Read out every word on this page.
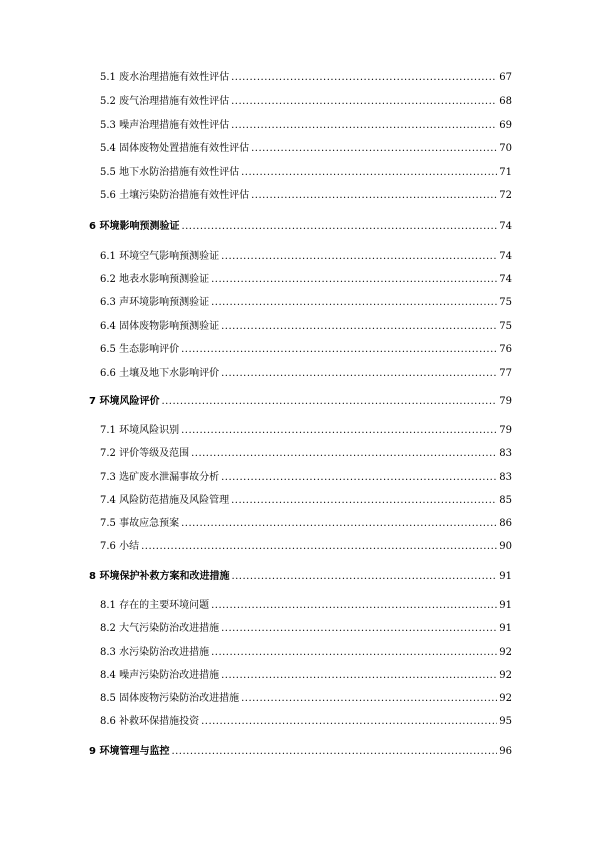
5.1 废水治理措施有效性评估 .....	67
5.2 废气治理措施有效性评估 .....	68
5.3 噪声治理措施有效性评估 .....	69
5.4 固体废物处置措施有效性评估 .....	70
5.5 地下水防治措施有效性评估 .....	71
5.6 土壤污染防治措施有效性评估 .....	72
6 环境影响预测验证 .....	74
6.1 环境空气影响预测验证 .....	74
6.2 地表水影响预测验证 .....	74
6.3 声环境影响预测验证 .....	75
6.4 固体废物影响预测验证 .....	75
6.5 生态影响评价 .....	76
6.6 土壤及地下水影响评价 .....	77
7 环境风险评价 .....	79
7.1 环境风险识别 .....	79
7.2 评价等级及范围 .....	83
7.3 选矿废水泄漏事故分析 .....	83
7.4 风险防范措施及风险管理 .....	85
7.5 事故应急预案 .....	86
7.6 小结 .....	90
8 环境保护补救方案和改进措施 .....	91
8.1 存在的主要环境问题 .....	91
8.2 大气污染防治改进措施 .....	91
8.3 水污染防治改进措施 .....	92
8.4 噪声污染防治改进措施 .....	92
8.5 固体废物污染防治改进措施 .....	92
8.6 补救环保措施投资 .....	95
9 环境管理与监控 .....	96
